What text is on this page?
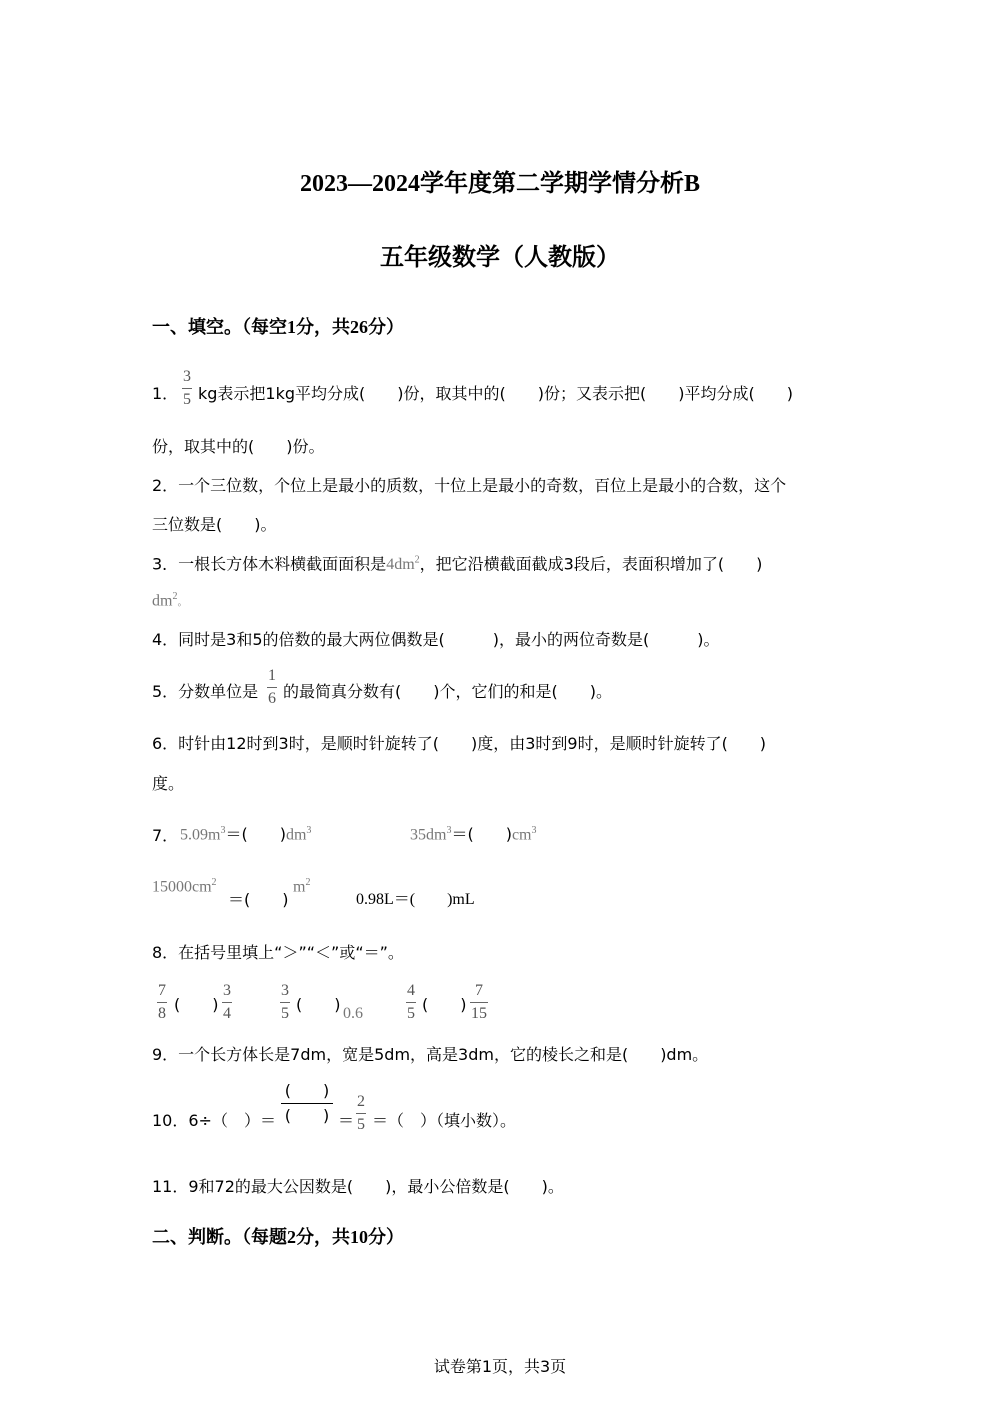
2023—2024学年度第二学期学情分析B
五年级数学（人教版）
一、填空。（每空1分，共26分）
1．
3
5 kg表示把1kg平均分成(　　)份，取其中的(　　)份；又表示把(　　)平均分成(　　)
份，取其中的(　　)份。
2．一个三位数，个位上是最小的质数，十位上是最小的奇数，百位上是最小的合数，这个
三位数是(　　)。
3．一根长方体木料横截面面积是$4dm^2$，把它沿横截面截成3段后，表面积增加了(　　)
$dm^2$。
4．同时是3和5的倍数的最大两位偶数是(　　　)，最小的两位奇数是(　　　)。
5．分数单位是
1
6 的最简真分数有(　　)个，它们的和是(　　)。
6．时针由12时到3时，是顺时针旋转了(　　)度，由3时到9时，是顺时针旋转了(　　)
度。
7． $5.09m^3=$(　　)$dm^3$	$35dm^3=$(　　)$cm^3$
$15000cm^2$
＝(　　)
$m^2$
0.98L＝(　　)mL
8．在括号里填上“＞”“＜”或“＝”。
7
8 (　　)
3
4
3
5 (　　) 0.6
4
5 (　　)
7
15
9．一个长方体长是7dm，宽是5dm，高是3dm，它的棱长之和是(　　)dm。
10．6÷（　）＝
(　　)
(　　) ＝
2
5 ＝（　）（填小数）。
11．9和72的最大公因数是(　　)，最小公倍数是(　　)。
二、判断。（每题2分，共10分）
试卷第1页，共3页
